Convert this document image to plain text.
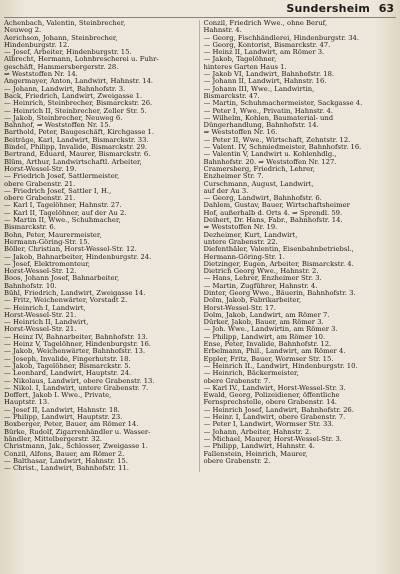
Sundersheim 63
Achenbach, Valentin, Steinbrecher,
Neuweg 2.
Aerichson, Johann, Steinbrecher,
Hindenburgstr. 12.
— Josef, Arbeiter, Hindenburgstr. 15.
Albrecht, Hermann, Lohnbrescherei u. Fuhr-
geschäft, Hammersbergerstr. 28.
⇒ Weststoffen Nr. 14.
Angermayer, Anton, Landwirt, Hahnstr. 14.
— Johann, Landwirt, Bahnhofstr. 3.
Back, Friedrich, Landwirt, Zweigasse 1.
— Heinrich, Steinbrecher, Bismarckstr. 26.
— Heinrich II, Steinbrecher, Zeller Str. 5.
— Jakob, Steinbrecher, Neuweg 6.
Bahnhof, ⇒ Weststoffen Nr. 15.
Barthold, Peter, Baugeschäft, Kirchgasse 1.
Beiträge, Karl, Landwirt, Bismarckstr. 33.
Bindel, Philipp, Invalide, Bismarckstr. 29.
Bertrand, Eduard, Maurer, Bismarckstr. 6.
Blüm, Arthur, Landwirtschaftl. Arbeiter,
Horst-Wessel-Str. 19.
— Friedrich Josef, Sattlermeister,
obere Grabenstr. 21.
— Friedrich Josef, Sattler I, H.,
obere Grabenstr. 21.
— Karl I, Tagelöhner, Hahnstr. 27.
— Karl II, Tagelöhner, auf der Au 2.
— Martin II, Wwe., Schuhmacher,
Bismarckstr. 6.
Bohn, Peter, Maurermeister,
Hermann-Göring-Str. 15.
Böller, Christian, Horst-Wessel-Str. 12.
— Jakob, Bahnarbeiter, Hindenburgstr. 24.
— Josef, Elektromonteur,
Horst-Wessel-Str. 12.
Boos, Johann Josef, Bahnarbeiter,
Bahnhofstr. 10.
Bühl, Friedrich, Landwirt, Zweigasse 14.
— Fritz, Weichenwärter, Vorstadt 2.
— Heinrich I, Landwirt,
Horst-Wessel-Str. 21.
— Heinrich II, Landwirt,
Horst-Wessel-Str. 21.
— Heinz IV, Bahnarbeiter, Bahnhofstr. 13.
— Heinz V, Tagelöhner, Hindenburgstr. 16.
— Jakob, Weichenwärter, Bahnhofstr. 13.
— Joseph, Invalide, Fingerhutstr. 18.
— Jakob, Tagelöhner, Bismarckstr. 5.
— Leonhard, Landwirt, Hauptstr. 24.
— Nikolaus, Landwirt, obere Grabenstr. 13.
— Nikol. I, Landwirt, untere Grabenstr. 7.
Doffert, Jakob I. Wwe., Private,
Hauptstr. 13.
— Josef II, Landwirt, Hahnstr. 18.
— Philipp, Landwirt, Hauptstr. 23.
Boxberger, Peter, Bauer, am Römer 14.
Bürke, Rudolf, Zigarrenhändler u. Wasser-
händler, Mittelbergerstr. 32.
Christmann, Jak., Schlosser, Zweigasse 1.
Conzil, Alfons, Bauer, am Römer 2.
— Balthasar, Landwirt, Hahnstr. 15.
— Christ., Landwirt, Bahnhofstr. 11.
Conzil, Friedrich Wwe., ohne Beruf,
Hahnstr. 4.
— Georg, Fischhändlerei, Hindenburgstr. 34.
— Georg, Kontorist, Bismarckstr. 47.
— Heinz II, Landwirt, am Römer 3.
— Jakob, Tagelöhner,
hinteres Garten Haus 1.
— Jakob VI, Landwirt, Bahnhofstr. 18.
— Johann II, Landwirt, Hahnstr. 16.
— Johann III, Wwe., Landwirtin,
Bismarckstr. 47.
— Martin, Schuhmachermeister, Sackgasse 4.
— Peter I, Wwe., Privatin, Hahnstr. 4.
— Wilhelm, Kohlen, Baumaterial- und
Düngerhandlung, Bahnhofstr. 14.
⇒ Weststoffen Nr. 16.
— Peter II, Wwe., Wirtschaft, Zehntstr. 12.
— Valent. IV, Schmiedmeister, Bahnhofstr. 16.
— Valentin V, Landwirt u. Kohlenhdlg.,
Bahnhofstr. 20. ⇒ Weststoffen Nr. 127.
Cramersberg, Friedrich, Lehrer,
Enzheimer Str. 7.
Curschmann, August, Landwirt,
auf der Au 3.
— Georg, Landwirt, Bahnhofstr. 6.
Dahlem, Gustav, Bauer, Wirtschaftsheimer
Hof, außerhalb d. Orts 4. ⇒ Sprendl. 59.
Deihert, Dr. Hans, Fabr., Bahnhofstr. 14.
⇒ Weststoffen Nr. 19.
Dezheimer, Kurt, Landwirt,
untere Grabenstr. 22.
Diefenthäler, Valentin, Eisenbahnbetriebsl.,
Hermann-Göring-Str. 1.
Dietzinger, Eugen, Arbeiter, Bismarckstr. 4.
Dietrich Georg Wwe., Hahnstr. 2.
— Hans, Lehrer, Enzheimer Str. 3.
— Martin, Zugführer, Hahnstr. 4.
Dinter, Georg Wwe., Bäuerin, Bahnhofstr. 3.
Dolm, Jakob, Fabrikarbeiter,
Horst-Wessel-Str. 17.
Dolm, Jakob, Landwirt, am Römer 7.
Dürker, Jakob, Bauer, am Römer 3.
— Joh. Wwe., Landwirtin, am Römer 3.
— Philipp, Landwirt, am Römer 10.
Ense, Peter, Invalide, Bahnhofstr. 12.
Erbelmann, Phil., Landwirt, am Römer 4.
Eppler, Fritz, Bauer, Wormser Str. 15.
— Heinrich II., Landwirt, Hindenburgstr. 10.
— Heinrich, Bäckermeister,
obere Grabenstr. 7.
— Karl IV., Landwirt, Horst-Wessel-Str. 3.
Ewald, Georg, Polizeidiener, öffentliche
Fernsprechstelle, obere Grabenstr. 14.
— Heinrich Josef, Landwirt, Bahnhofstr. 26.
— Heinr. I, Landwirt, obere Grabenstr. 7.
— Peter I, Landwirt, Wormser Str. 33.
— Johann, Arbeiter, Hahnstr. 2.
— Michael, Maurer, Horst-Wessel-Str. 3.
— Philipp, Landwirt, Hahnstr. 4.
Fallenstein, Heinrich, Maurer,
obere Grabenstr. 2.
